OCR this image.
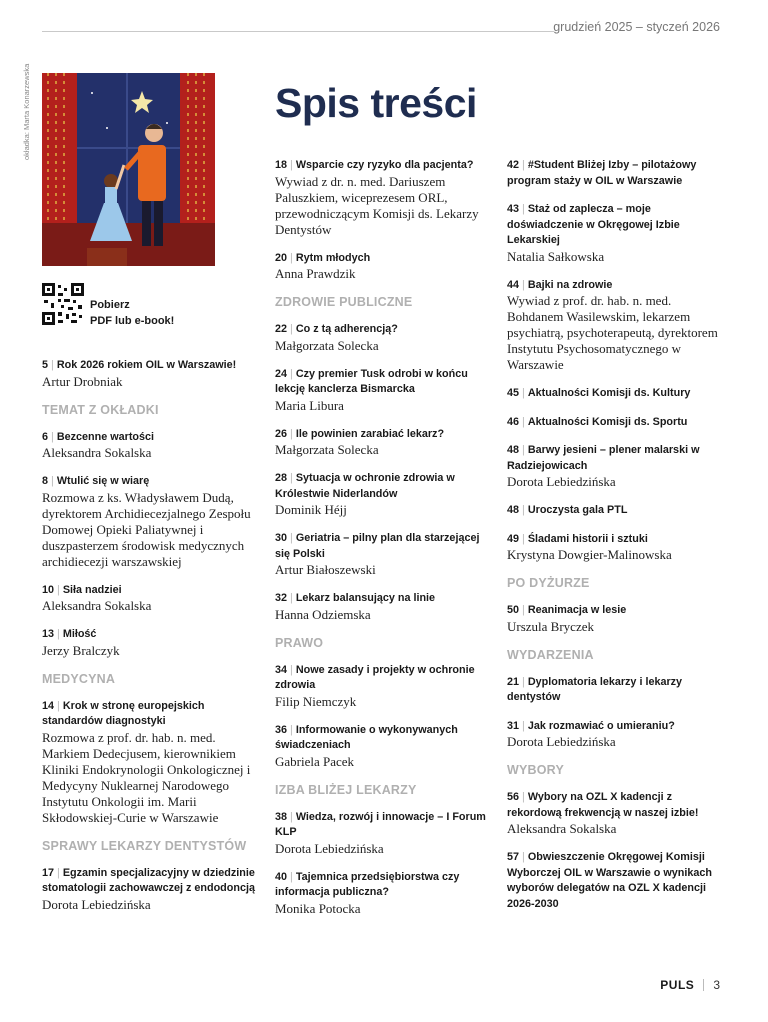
grudzień 2025 – styczeń 2026
okładka: Marta Konarzewska
Pobierz
PDF lub e-book!
Spis treści
5 | Rok 2026 rokiem OIL w Warszawie!
Artur Drobniak
TEMAT Z OKŁADKI
6 | Bezcenne wartości
Aleksandra Sokalska
8 | Wtulić się w wiarę
Rozmowa z ks. Władysławem Dudą, dyrektorem Archidiecezjalnego Zespołu Domowej Opieki Paliatywnej i duszpasterzem środowisk medycznych archidiecezji warszawskiej
10 | Siła nadziei
Aleksandra Sokalska
13 | Miłość
Jerzy Bralczyk
MEDYCYNA
14 | Krok w stronę europejskich standardów diagnostyki
Rozmowa z prof. dr. hab. n. med. Markiem Dedecjusem, kierownikiem Kliniki Endokrynologii Onkologicznej i Medycyny Nuklearnej Narodowego Instytutu Onkologii im. Marii Skłodowskiej-Curie w Warszawie
SPRAWY LEKARZY DENTYSTÓW
17 | Egzamin specjalizacyjny w dziedzinie stomatologii zachowawczej z endodoncją
Dorota Lebiedzińska
18 | Wsparcie czy ryzyko dla pacjenta?
Wywiad z dr. n. med. Dariuszem Paluszkiem, wiceprezesem ORL, przewodniczącym Komisji ds. Lekarzy Dentystów
20 | Rytm młodych
Anna Prawdzik
ZDROWIE PUBLICZNE
22 | Co z tą adherencją?
Małgorzata Solecka
24 | Czy premier Tusk odrobi w końcu lekcję kanclerza Bismarcka
Maria Libura
26 | Ile powinien zarabiać lekarz?
Małgorzata Solecka
28 | Sytuacja w ochronie zdrowia w Królestwie Niderlandów
Dominik Héjj
30 | Geriatria – pilny plan dla starzejącej się Polski
Artur Białoszewski
32 | Lekarz balansujący na linie
Hanna Odziemska
PRAWO
34 | Nowe zasady i projekty w ochronie zdrowia
Filip Niemczyk
36 | Informowanie o wykonywanych świadczeniach
Gabriela Pacek
IZBA BLIŻEJ LEKARZY
38 | Wiedza, rozwój i innowacje – I Forum KLP
Dorota Lebiedzińska
40 | Tajemnica przedsiębiorstwa czy informacja publiczna?
Monika Potocka
42 | #Student Bliżej Izby – pilotażowy program staży w OIL w Warszawie
43 | Staż od zaplecza – moje doświadczenie w Okręgowej Izbie Lekarskiej
Natalia Sałkowska
44 | Bajki na zdrowie
Wywiad z prof. dr. hab. n. med. Bohdanem Wasilewskim, lekarzem psychiatrą, psychoterapeutą, dyrektorem Instytutu Psychosomatycznego w Warszawie
45 | Aktualności Komisji ds. Kultury
46 | Aktualności Komisji ds. Sportu
48 | Barwy jesieni – plener malarski w Radziejowicach
Dorota Lebiedzińska
48 | Uroczysta gala PTL
49 | Śladami historii i sztuki
Krystyna Dowgier-Malinowska
PO DYŻURZE
50 | Reanimacja w lesie
Urszula Bryczek
WYDARZENIA
21 | Dyplomatoria lekarzy i lekarzy dentystów
31 | Jak rozmawiać o umieraniu?
Dorota Lebiedzińska
WYBORY
56 | Wybory na OZL X kadencji z rekordową frekwencją w naszej izbie!
Aleksandra Sokalska
57 | Obwieszczenie Okręgowej Komisji Wyborczej OIL w Warszawie o wynikach wyborów delegatów na OZL X kadencji 2026-2030
PULS 3
